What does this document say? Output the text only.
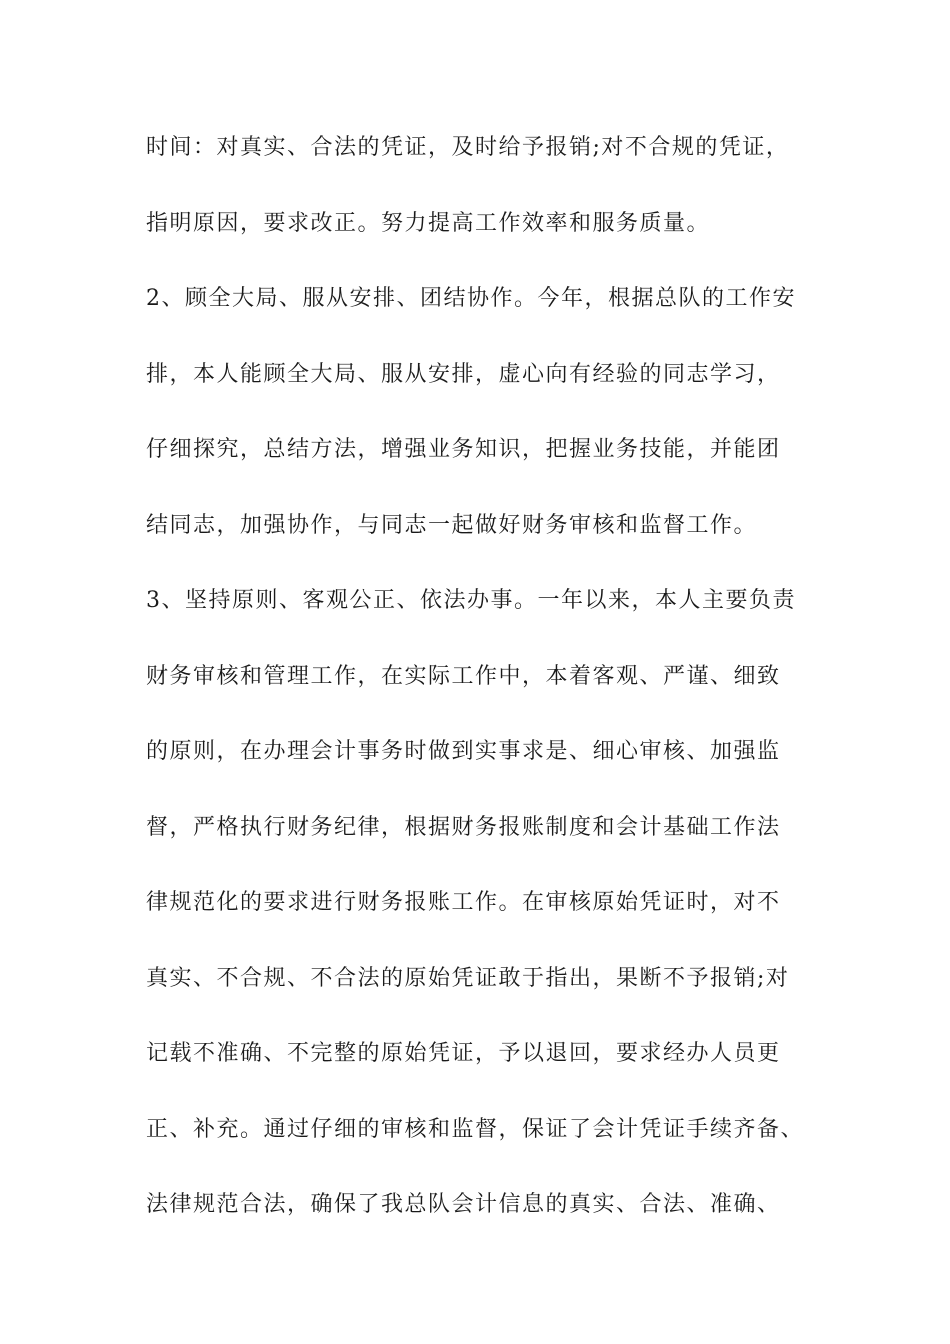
时间：对真实、合法的凭证，及时给予报销;对不合规的凭证，
指明原因，要求改正。努力提高工作效率和服务质量。
2、顾全大局、服从安排、团结协作。今年，根据总队的工作安
排，本人能顾全大局、服从安排，虚心向有经验的同志学习，
仔细探究，总结方法，增强业务知识，把握业务技能，并能团
结同志，加强协作，与同志一起做好财务审核和监督工作。
3、坚持原则、客观公正、依法办事。一年以来，本人主要负责
财务审核和管理工作，在实际工作中，本着客观、严谨、细致
的原则，在办理会计事务时做到实事求是、细心审核、加强监
督，严格执行财务纪律，根据财务报账制度和会计基础工作法
律规范化的要求进行财务报账工作。在审核原始凭证时，对不
真实、不合规、不合法的原始凭证敢于指出，果断不予报销;对
记载不准确、不完整的原始凭证，予以退回，要求经办人员更
正、补充。通过仔细的审核和监督，保证了会计凭证手续齐备、
法律规范合法，确保了我总队会计信息的真实、合法、准确、
